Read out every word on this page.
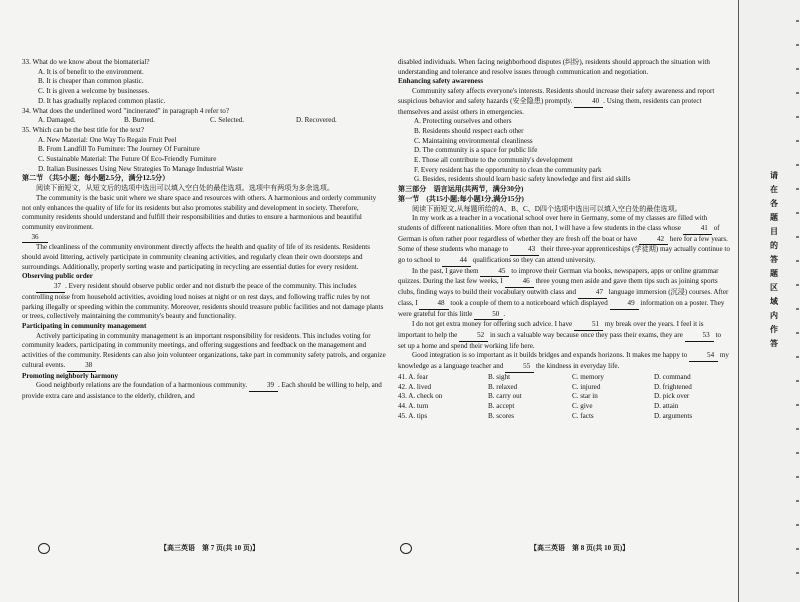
33. What do we know about the biomaterial?

A. It is of benefit to the environment.

B. It is cheaper than common plastic.

C. It is given a welcome by businesses.

D. It has gradually replaced common plastic.

34. What does the underlined word "incinerated" in paragraph 4 refer to?

A. Damaged.	B. Burned.	C. Selected.	D. Recovered.

35. Which can be the best title for the text?

A. New Material: One Way To Regain Fruit Peel

B. From Landfill To Furniture: The Journey Of Furniture

C. Sustainable Material: The Future Of Eco-Friendly Furniture

D. Italian Businesses Using New Strategies To Manage Industrial Waste

第二节 （共5小题；每小题2.5分，满分12.5分）

阅读下面短文，从短文后的选项中选出可以填入空白处的最佳选项。选项中有两项为多余选项。

The community is the basic unit where we share space and resources with others. A harmonious and orderly community not only enhances the quality of life for its residents but also promotes stability and development in society. Therefore, community residents should understand and fulfill their responsibilities and duties to ensure a harmonious and beautiful community environment.

36

The cleanliness of the community environment directly affects the health and quality of life of its residents. Residents should avoid littering, actively participate in community cleaning activities, and regularly clean their own doorsteps and surroundings. Additionally, properly sorting waste and participating in recycling are essential duties for every resident.

Observing public order

37 . Every resident should observe public order and not disturb the peace of the community. This includes controlling noise from household activities, avoiding loud noises at night or on rest days, and following traffic rules by not parking illegally or speeding within the community. Moreover, residents should treasure public facilities and not damage plants or trees, collectively maintaining the community's beauty and functionality.

Participating in community management

Actively participating in community management is an important responsibility for residents. This includes voting for community leaders, participating in community meetings, and offering suggestions and feedback on the management and activities of the community. Residents can also join volunteer organizations, take part in community safety patrols, and organize cultural events.	38

Promoting neighborly harmony

Good neighborly relations are the foundation of a harmonious community.	39 . Each should be willing to help, and provide extra care and assistance to the elderly, children, and

disabled individuals. When facing neighborhood disputes (纠纷), residents should approach the situation with understanding and tolerance and resolve issues through communication and negotiation.

Enhancing safety awareness

Community safety affects everyone's interests. Residents should increase their safety awareness and report suspicious behavior and safety hazards (安全隐患) promptly.	40 . Using them, residents can protect themselves and assist others in emergencies.

A. Protecting ourselves and others

B. Residents should respect each other

C. Maintaining environmental cleanliness

D. The community is a space for public life

E. Those all contribute to the community's development

F. Every resident has the opportunity to clean the community park

G. Besides, residents should learn basic safety knowledge and first aid skills

第三部分　语言运用(共两节，满分30分)

第一节　(共15小题;每小题1分,满分15分)

阅读下面短文,从每题所给的A、B、C、D四个选项中选出可以填入空白处的最佳选项。

In my work as a teacher in a vocational school over here in Germany, some of my classes are filled with students of different nationalities. More often than not, I will have a few students in the class whose	41 of German is often rather poor regardless of whether they are fresh off the boat or have	42 here for a few years. Some of these students who manage to	43 their three-year apprenticeships (学徒期) may actually continue to go to school to	44 qualifications so they can attend university.

In the past, I gave them	45 to improve their German via books, newspapers, apps or online grammar quizzes. During the last few weeks, I	46 three young men aside and gave them tips such as joining sports clubs, finding ways to build their vocabulary outwith class and	47 language immersion (沉浸) courses. After class, I	48 took a couple of them to a noticeboard which displayed	49 information on a poster. They were grateful for this little	50 .

I do not get extra money for offering such advice. I have	51 my break over the years. I feel it is important to help the	52 in such a valuable way because once they pass their exams, they are	53 to set up a home and spend their working life here.

Good integration is so important as it builds bridges and expands horizons. It makes me happy to	54 my knowledge as a language teacher and	55 the kindness in everyday life.

41. A. fear	B. sight	C. memory	D. command
42. A. lived	B. relaxed	C. injured	D. frightened
43. A. check on	B. carry out	C. star in	D. pick over
44. A. turn	B. accept	C. give	D. attain
45. A. tips	B. scores	C. facts	D. arguments
【高三英语　第 7 页(共 10 页)】	【高三英语　第 8 页(共 10 页)】
请
在
各
题
目
的
答
题
区
域
内
作
答
